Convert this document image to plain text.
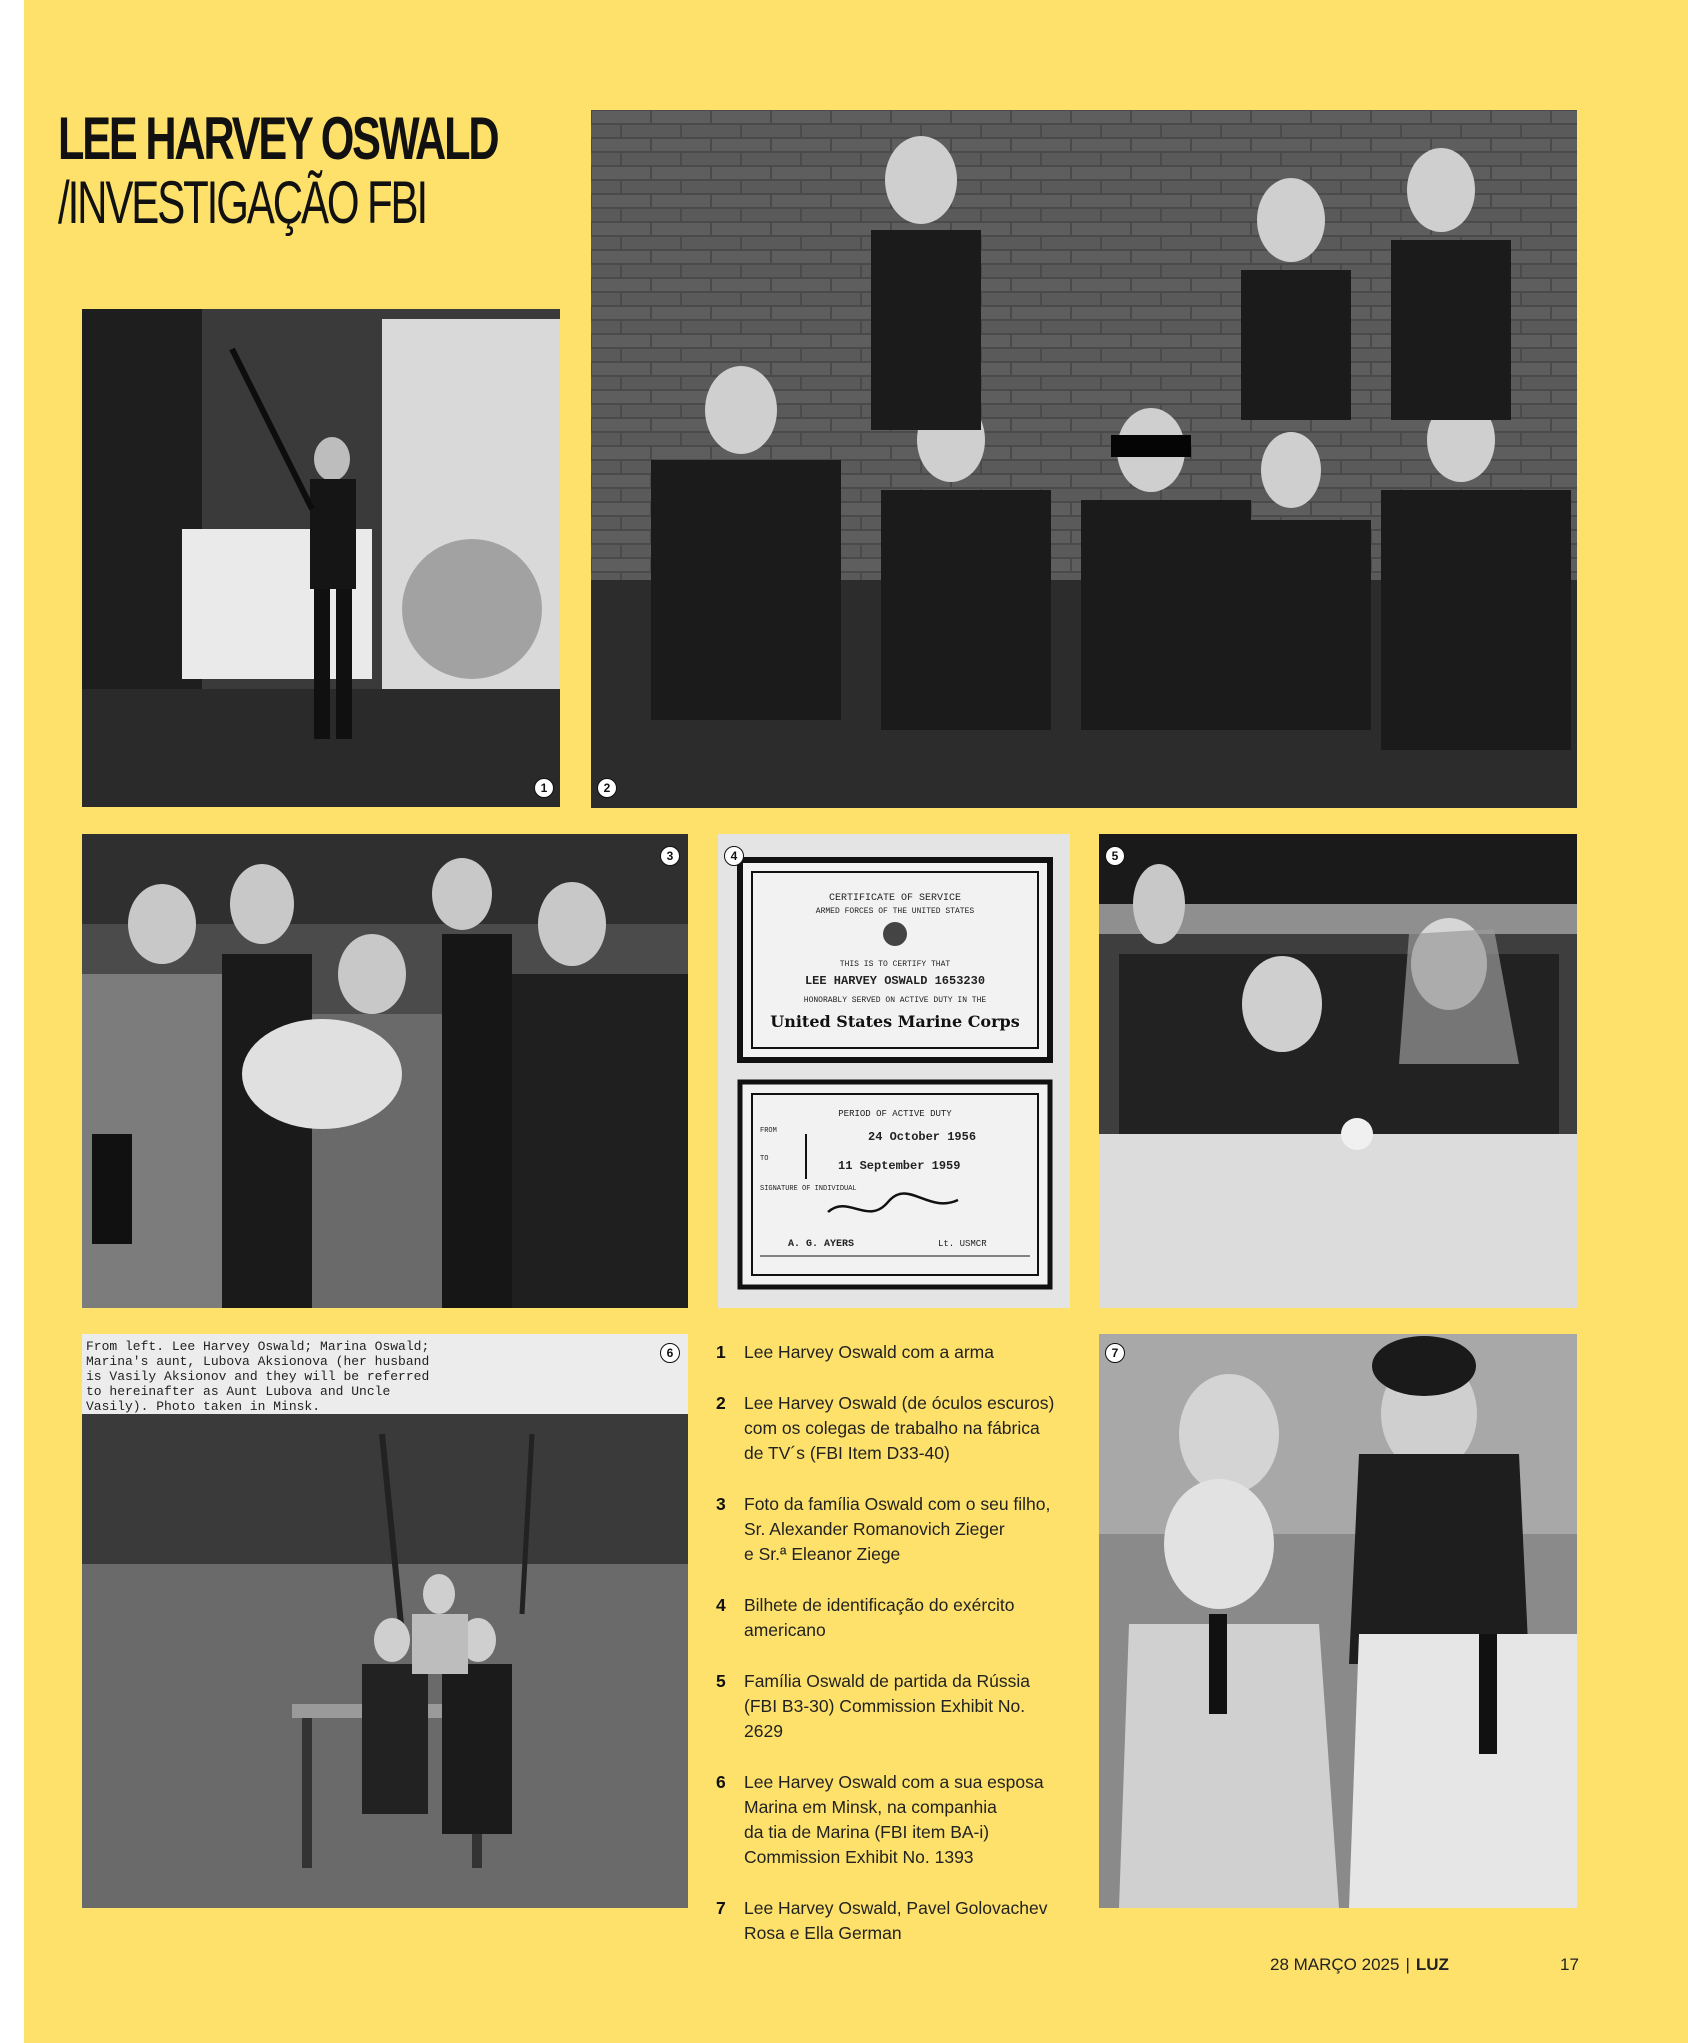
LEE HARVEY OSWALD
/INVESTIGAÇÃO FBI
1	2
3
CERTIFICATE OF SERVICE
ARMED FORCES OF THE UNITED STATES
THIS IS TO CERTIFY THAT
LEE HARVEY OSWALD 1653230
HONORABLY SERVED ON ACTIVE DUTY IN THE
United States Marine Corps
PERIOD OF ACTIVE DUTY
FROM	24 October 1956
TO	11 September 1959
SIGNATURE OF INDIVIDUAL
A. G. AYERS	Lt. USMCR
4	5
From left. Lee Harvey Oswald; Marina Oswald;
Marina's aunt, Lubova Aksionova (her husband
is Vasily Aksionov and they will be referred
to hereinafter as Aunt Lubova and Uncle
Vasily). Photo taken in Minsk.
6	7
1 Lee Harvey Oswald com a arma
2 Lee Harvey Oswald (de óculos escuros)
com os colegas de trabalho na fábrica
de TV´s (FBI Item D33-40)
3 Foto da família Oswald com o seu filho,
Sr. Alexander Romanovich Zieger
e Sr.ª Eleanor Ziege
4 Bilhete de identificação do exército
americano
5 Família Oswald de partida da Rússia
(FBI B3-30) Commission Exhibit No. 2629
6 Lee Harvey Oswald com a sua esposa
Marina em Minsk, na companhia
da tia de Marina (FBI item BA-i)
Commission Exhibit No. 1393
7 Lee Harvey Oswald, Pavel Golovachev
Rosa e Ella German
28 MARÇO 2025 | LUZ	17
